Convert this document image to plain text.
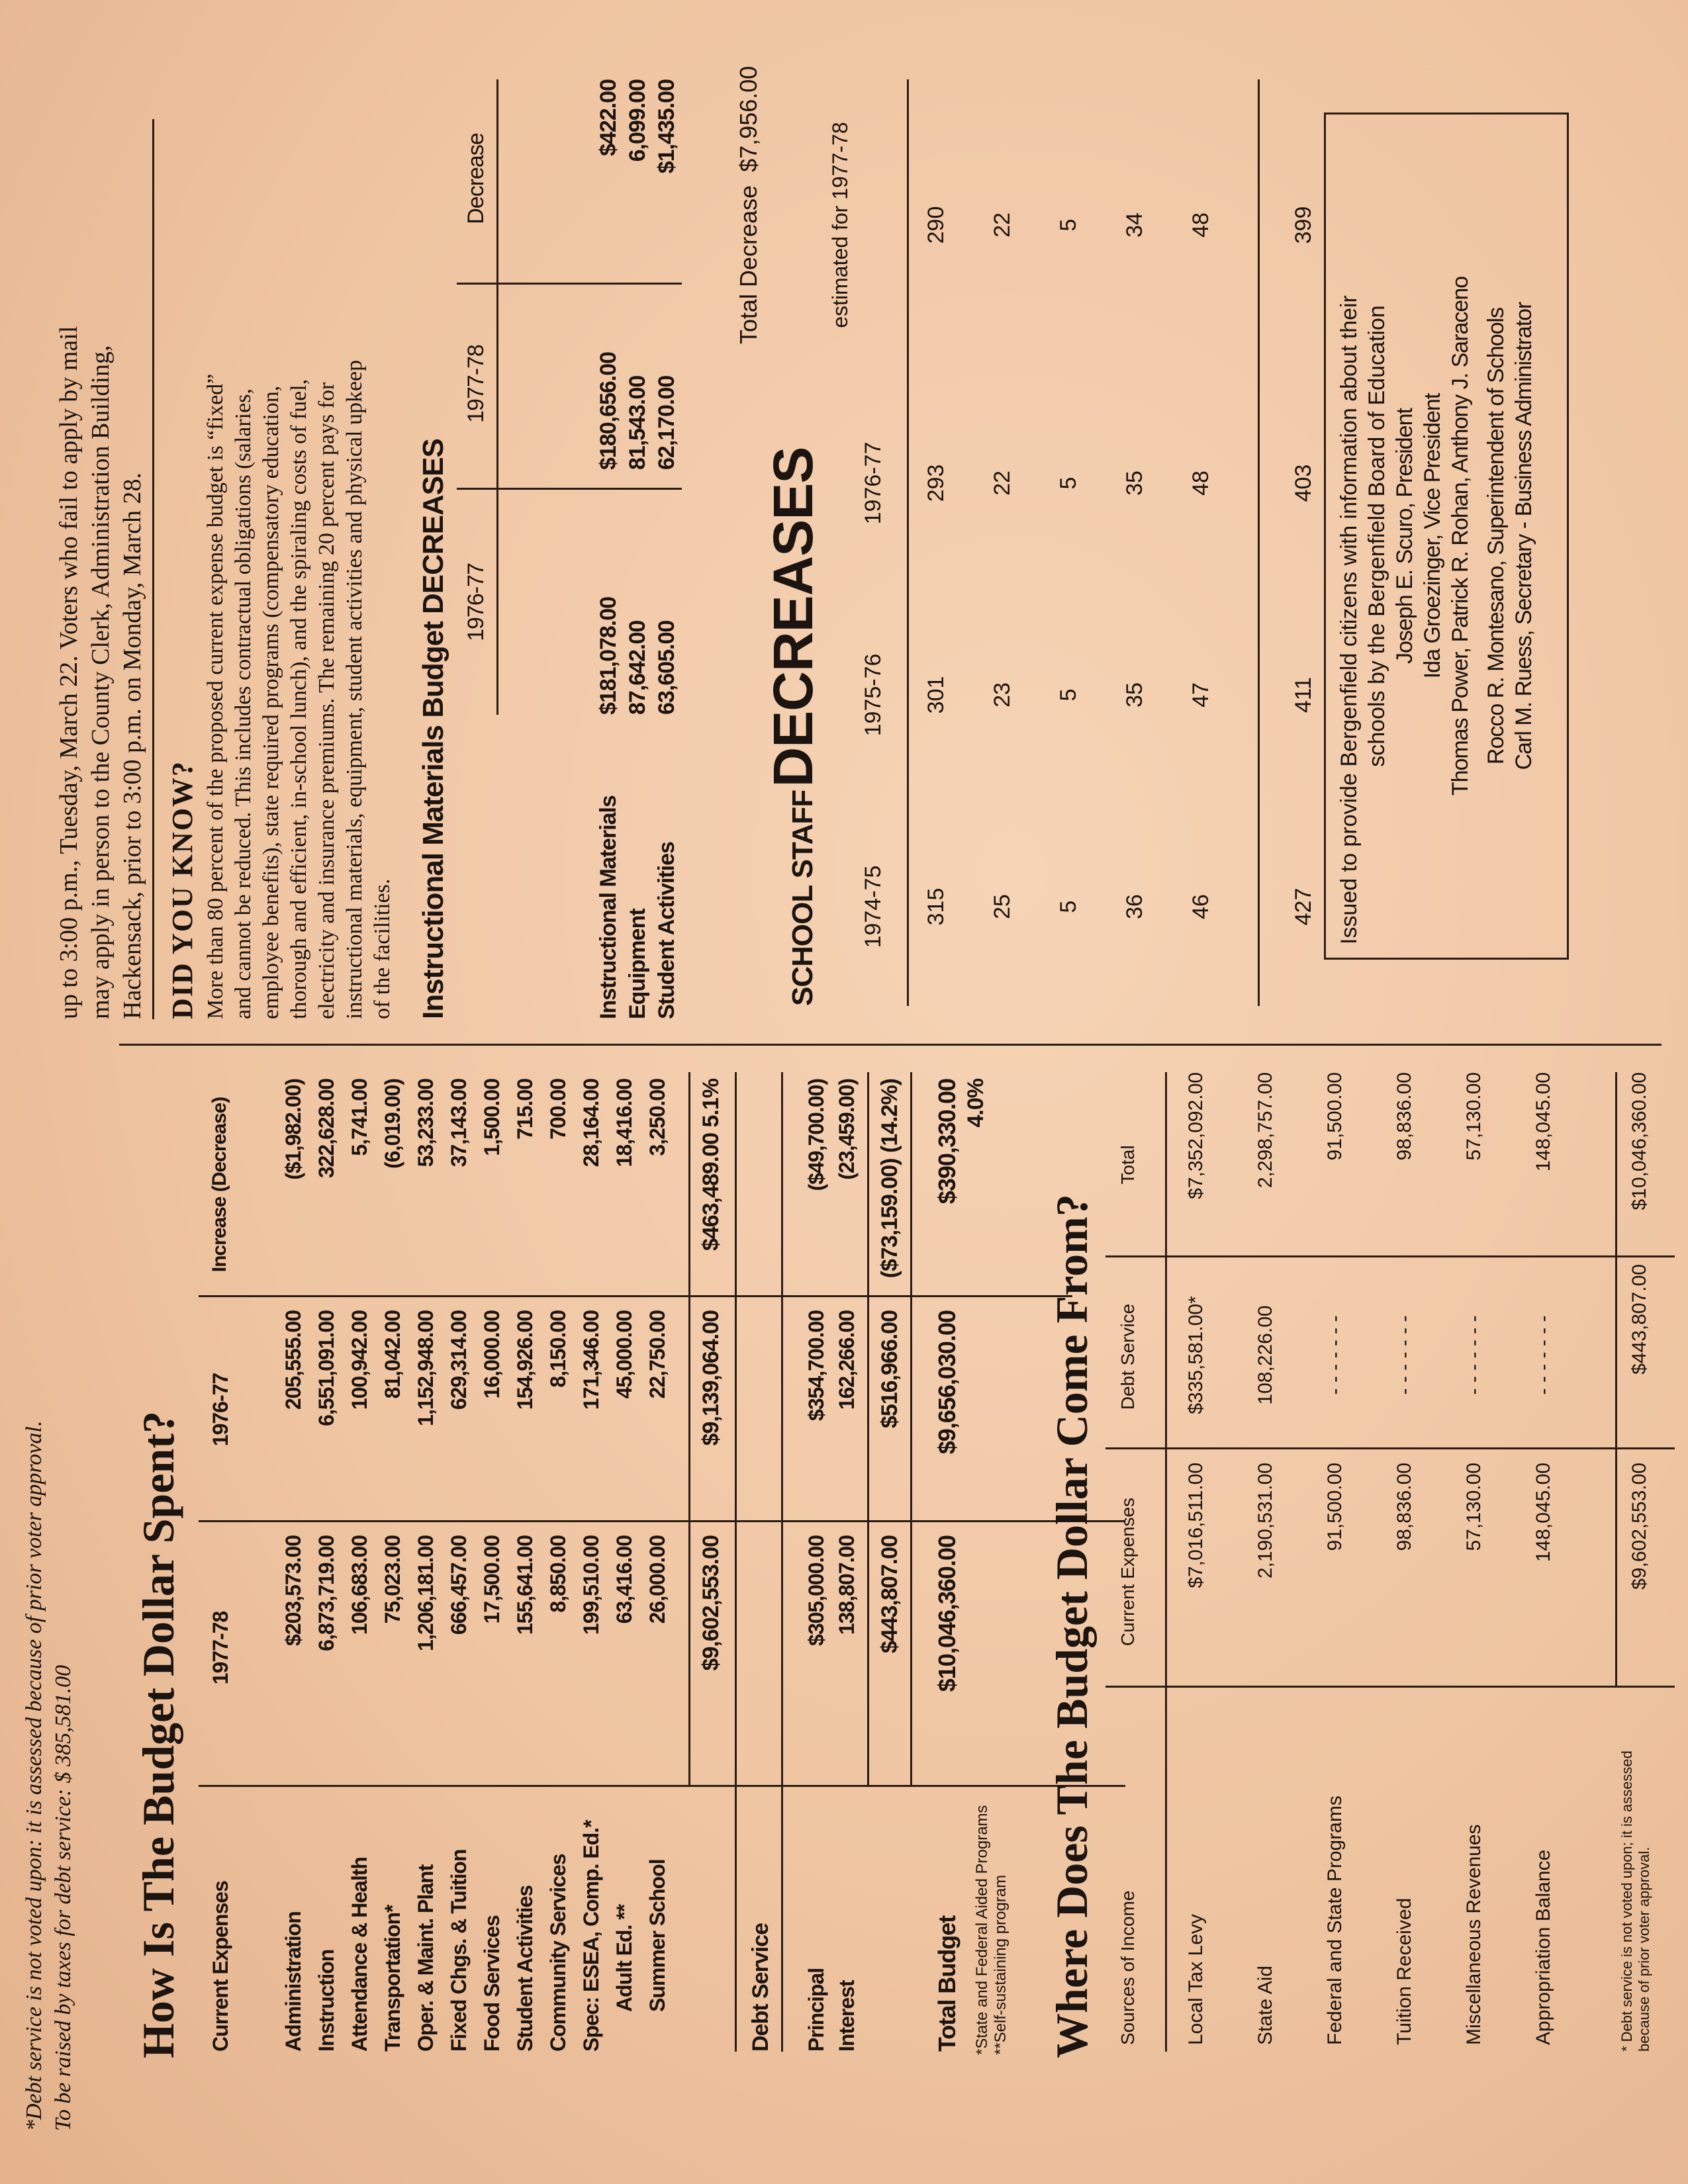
*Debt service is not voted upon: it is assessed because of prior voter approval. To be raised by taxes for debt service: $ 385,581.00 How Is The Budget Dollar Spent? Current Expenses
1977-78
1976-77
Increase (Decrease)
Administration
$203,573.00
205,555.00
($1,982.00)
Instruction
6,873,719.00
6,551,091.00
322,628.00
Attendance & Health
106,683.00
100,942.00
5,741.00
Transportation*
75,023.00
81,042.00
(6,019.00)
Oper. & Maint. Plant
1,206,181.00
1,152,948.00
53,233.00
Fixed Chgs. & Tuition
666,457.00
629,314.00
37,143.00
Food Services
17,500.00
16,000.00
1,500.00
Student Activities
155,641.00
154,926.00
715.00
Community Services
8,850.00
8,150.00
700.00
Spec: ESEA, Comp. Ed.*
199,510.00
171,346.00
28,164.00
Adult Ed. **
63,416.00
45,000.00
18,416.00
Summer School
26,000.00
22,750.00
3,250.00
$9,602,553.00
$9,139,064.00
$463,489.00 5.1%
Debt Service Principal
$305,000.00
$354,700.00
($49,700.00)
Interest
138,807.00
162,266.00
(23,459.00)
$443,807.00
$516,966.00
($73,159.00) (14.2%)
Total Budget
$10,046,360.00
$9,656,030.00
$390,330.00 4.0%
*State and Federal Aided Programs **Self-sustaining program Where Does The Budget Dollar Come From? Sources of Income
Current Expenses
Debt Service
Total
Local Tax Levy
$7,016,511.00
$335,581.00*
$7,352,092.00
State Aid
2,190,531.00
108,226.00
2,298,757.00
Federal and State Programs
91,500.00
- - - - - - -
91,500.00
Tuition Received
98,836.00
- - - - - - -
98,836.00
Miscellaneous Revenues
57,130.00
- - - - - - -
57,130.00
Appropriation Balance
148,045.00
- - - - - - -
148,045.00
$9,602,553.00
$443,807.00
$10,046,360.00
* Debt service is not voted upon; it is assessed because of prior voter approval.
up to 3:00 p.m., Tuesday, March 22. Voters who fail to apply by mail may apply in person to the County Clerk, Administration Building, Hackensack, prior to 3:00 p.m. on Monday, March 28. DID YOU KNOW? More than 80 percent of the proposed current expense budget is “fixed” and cannot be reduced. This includes contractual obligations (salaries, employee benefits), state required programs (compensatory education, thorough and efficient, in-school lunch), and the spiraling costs of fuel, electricity and insurance premiums. The remaining 20 percent pays for instructional materials, equipment, student activities and physical upkeep of the facilities. Instructional Materials Budget DECREASES 1976-77
1977-78
Decrease
Instructional Materials
$181,078.00
$180,656.00
$422.00
Equipment
87,642.00
81,543.00
6,099.00
Student Activities
63,605.00
62,170.00
$1,435.00
Total Decrease  $7,956.00
SCHOOL STAFF DECREASES
1974-75
1975-76
1976-77
estimated for 1977-78
315
301
293
290
25
23
22
22
5
5
5
5
36
35
35
34
46
47
48
48
427
411
403
399
Issued to provide Bergenfield citizens with information about their schools by the Bergenfield Board of Education Joseph E. Scuro, President Ida Groezinger, Vice President Thomas Power, Patrick R. Rohan, Anthony J. Saraceno Rocco R. Montesano, Superintendent of Schools Carl M. Ruess, Secretary - Business Administrator
